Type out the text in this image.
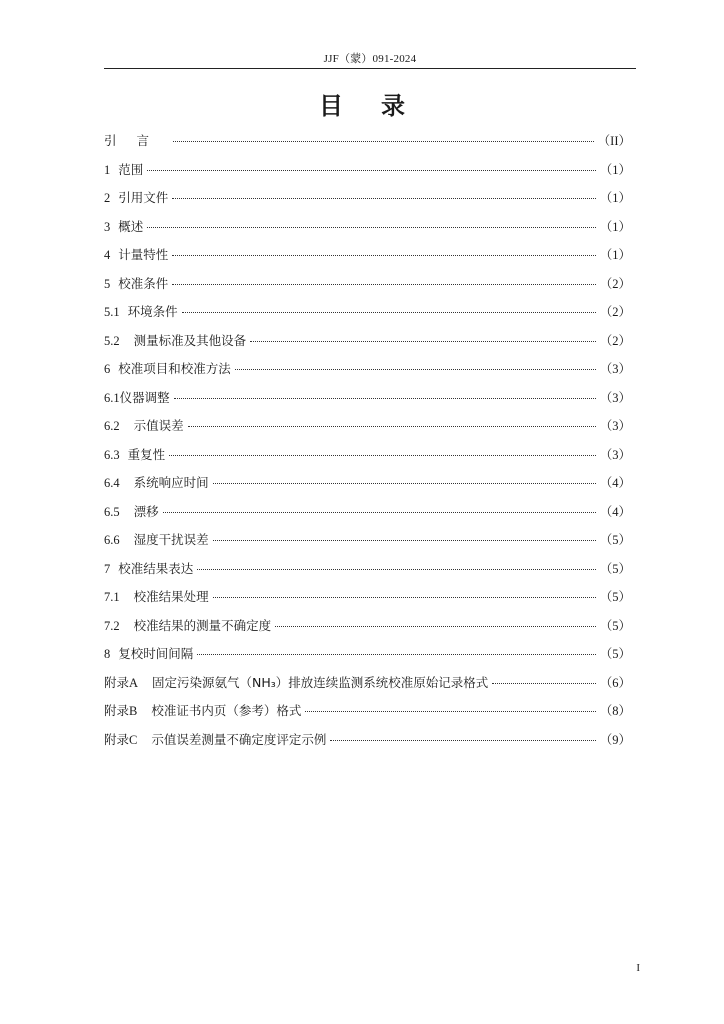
JJF（蒙）091-2024
目录
引言	（II）
1 范围	（1）
2 引用文件	（1）
3 概述	（1）
4 计量特性	（1）
5 校准条件	（2）
5.1 环境条件	（2）
5.2 测量标准及其他设备	（2）
6 校准项目和校准方法	（3）
6.1 仪器调整	（3）
6.2 示值误差	（3）
6.3 重复性	（3）
6.4 系统响应时间	（4）
6.5 漂移	（4）
6.6 湿度干扰误差	（5）
7 校准结果表达	（5）
7.1 校准结果处理	（5）
7.2 校准结果的测量不确定度	（5）
8 复校时间间隔	（5）
附录A 固定污染源氨气（NH₃）排放连续监测系统校准原始记录格式	（6）
附录B 校准证书内页（参考）格式	（8）
附录C 示值误差测量不确定度评定示例	（9）
I
